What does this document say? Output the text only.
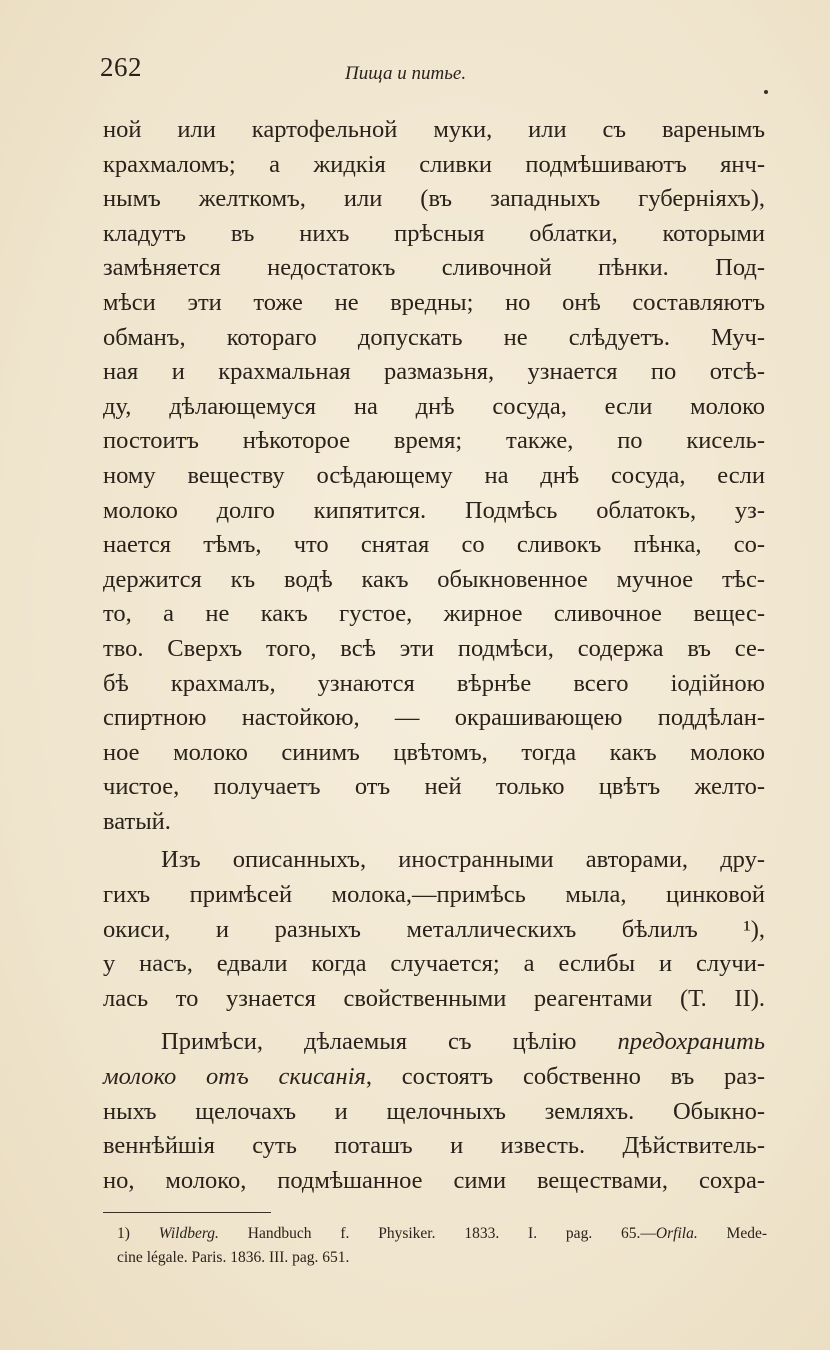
262	Пища и питье.

ной или картофельной муки, или съ варенымъ

крахмаломъ; а жидкія сливки подмѣшиваютъ янч-

нымъ желткомъ, или (въ западныхъ губерніяхъ),

кладутъ въ нихъ прѣсныя облатки, которыми

замѣняется недостатокъ сливочной пѣнки. Под-

мѣси эти тоже не вредны; но онѣ составляютъ

обманъ, котораго допускать не слѣдуетъ. Муч-

ная и крахмальная размазьня, узнается по отсѣ-

ду, дѣлающемуся на днѣ сосуда, если молоко

постоитъ нѣкоторое время; также, по кисель-

ному веществу осѣдающему на днѣ сосуда, если

молоко долго кипятится. Подмѣсь облатокъ, уз-

нается тѣмъ, что снятая со сливокъ пѣнка, со-

держится къ водѣ какъ обыкновенное мучное тѣс-

то, а не какъ густое, жирное сливочное вещес-

тво. Сверхъ того, всѣ эти подмѣси, содержа въ се-

бѣ крахмалъ, узнаются вѣрнѣе всего іодійною

спиртною настойкою, — окрашивающею поддѣлан-

ное молоко синимъ цвѣтомъ, тогда какъ молоко

чистое, получаетъ отъ ней только цвѣтъ желто-

ватый.

Изъ описанныхъ, иностранными авторами, дру-

гихъ примѣсей молока,—примѣсь мыла, цинковой

окиси, и разныхъ металлическихъ бѣлилъ ¹),

у насъ, едвали когда случается; а еслибы и случи-

лась то узнается свойственными реагентами (Т. II).

Примѣси, дѣлаемыя съ цѣлію предохранить

молоко отъ скисанія, состоятъ собственно въ раз-

ныхъ щелочахъ и щелочныхъ земляхъ. Обыкно-

веннѣйшія суть поташъ и известь. Дѣйствитель-

но, молоко, подмѣшанное сими веществами, сохра-

1) Wildberg. Handbuch f. Physiker. 1833. I. pag. 65.—Orfila. Mede-

cine légale. Paris. 1836. III. pag. 651.
